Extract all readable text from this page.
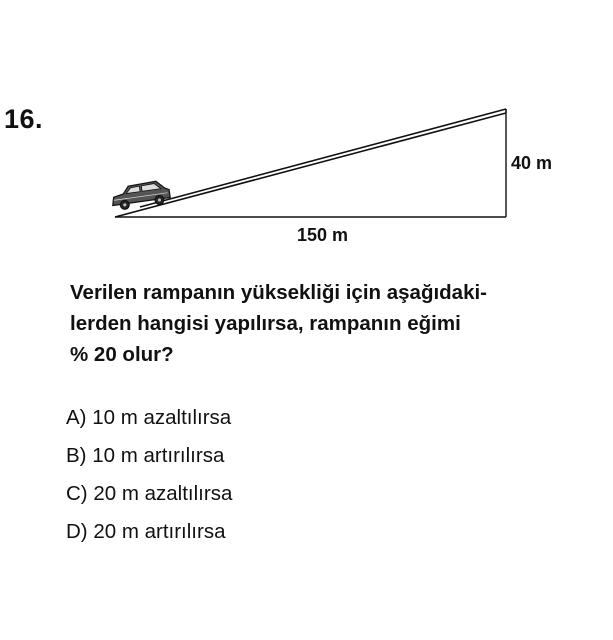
16.
40 m
150 m
Verilen rampanın yüksekliği için aşağıdaki-
lerden hangisi yapılırsa, rampanın eğimi
% 20 olur?
A) 10 m azaltılırsa
B) 10 m artırılırsa
C) 20 m azaltılırsa
D) 20 m artırılırsa
